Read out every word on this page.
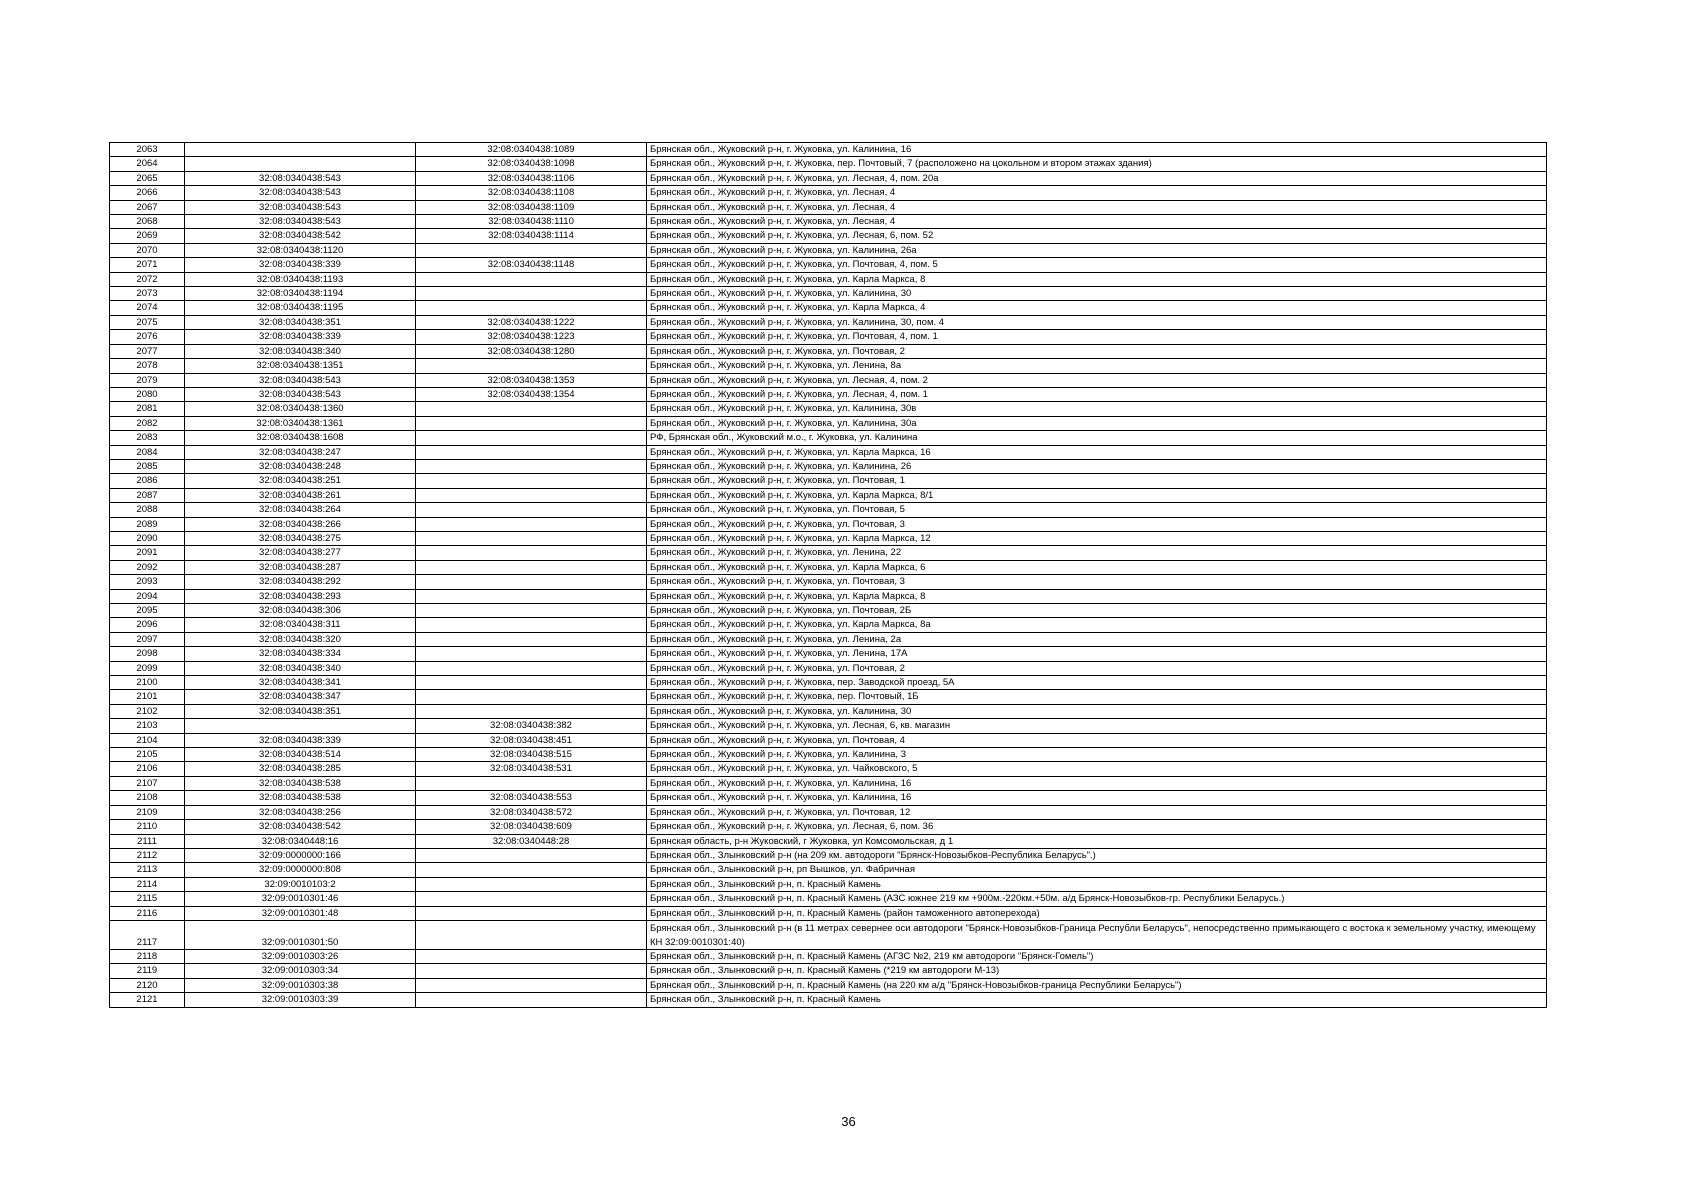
2063		32:08:0340438:1089	Брянская обл., Жуковский р-н, г. Жуковка, ул. Калинина, 16
2064		32:08:0340438:1098	Брянская обл., Жуковский р-н, г. Жуковка, пер. Почтовый, 7 (расположено на цокольном и втором этажах здания)
2065	32:08:0340438:543	32:08:0340438:1106	Брянская обл., Жуковский р-н, г. Жуковка, ул. Лесная, 4, пом. 20а
2066	32:08:0340438:543	32:08:0340438:1108	Брянская обл., Жуковский р-н, г. Жуковка, ул. Лесная, 4
2067	32:08:0340438:543	32:08:0340438:1109	Брянская обл., Жуковский р-н, г. Жуковка, ул. Лесная, 4
2068	32:08:0340438:543	32:08:0340438:1110	Брянская обл., Жуковский р-н, г. Жуковка, ул. Лесная, 4
2069	32:08:0340438:542	32:08:0340438:1114	Брянская обл., Жуковский р-н, г. Жуковка, ул. Лесная, 6, пом. 52
2070	32:08:0340438:1120		Брянская обл., Жуковский р-н, г. Жуковка, ул. Калинина, 26а
2071	32:08:0340438:339	32:08:0340438:1148	Брянская обл., Жуковский р-н, г. Жуковка, ул. Почтовая, 4, пом. 5
2072	32:08:0340438:1193		Брянская обл., Жуковский р-н, г. Жуковка, ул. Карла Маркса, 8
2073	32:08:0340438:1194		Брянская обл., Жуковский р-н, г. Жуковка, ул. Калинина, 30
2074	32:08:0340438:1195		Брянская обл., Жуковский р-н, г. Жуковка, ул. Карла Маркса, 4
2075	32:08:0340438:351	32:08:0340438:1222	Брянская обл., Жуковский р-н, г. Жуковка, ул. Калинина, 30, пом. 4
2076	32:08:0340438:339	32:08:0340438:1223	Брянская обл., Жуковский р-н, г. Жуковка, ул. Почтовая, 4, пом. 1
2077	32:08:0340438:340	32:08:0340438:1280	Брянская обл., Жуковский р-н, г. Жуковка, ул. Почтовая, 2
2078	32:08:0340438:1351		Брянская обл., Жуковский р-н, г. Жуковка, ул. Ленина, 8а
2079	32:08:0340438:543	32:08:0340438:1353	Брянская обл., Жуковский р-н, г. Жуковка, ул. Лесная, 4, пом. 2
2080	32:08:0340438:543	32:08:0340438:1354	Брянская обл., Жуковский р-н, г. Жуковка, ул. Лесная, 4, пом. 1
2081	32:08:0340438:1360		Брянская обл., Жуковский р-н, г. Жуковка, ул. Калинина, 30в
2082	32:08:0340438:1361		Брянская обл., Жуковский р-н, г. Жуковка, ул. Калинина, 30а
2083	32:08:0340438:1608		РФ, Брянская обл., Жуковский м.о., г. Жуковка, ул. Калинина
2084	32:08:0340438:247		Брянская обл., Жуковский р-н, г. Жуковка, ул. Карла Маркса, 16
2085	32:08:0340438:248		Брянская обл., Жуковский р-н, г. Жуковка, ул. Калинина, 26
2086	32:08:0340438:251		Брянская обл., Жуковский р-н, г. Жуковка, ул. Почтовая, 1
2087	32:08:0340438:261		Брянская обл., Жуковский р-н, г. Жуковка, ул. Карла Маркса, 8/1
2088	32:08:0340438:264		Брянская обл., Жуковский р-н, г. Жуковка, ул. Почтовая, 5
2089	32:08:0340438:266		Брянская обл., Жуковский р-н, г. Жуковка, ул. Почтовая, 3
2090	32:08:0340438:275		Брянская обл., Жуковский р-н, г. Жуковка, ул. Карла Маркса, 12
2091	32:08:0340438:277		Брянская обл., Жуковский р-н, г. Жуковка, ул. Ленина, 22
2092	32:08:0340438:287		Брянская обл., Жуковский р-н, г. Жуковка, ул. Карла Маркса, 6
2093	32:08:0340438:292		Брянская обл., Жуковский р-н, г. Жуковка, ул. Почтовая, 3
2094	32:08:0340438:293		Брянская обл., Жуковский р-н, г. Жуковка, ул. Карла Маркса, 8
2095	32:08:0340438:306		Брянская обл., Жуковский р-н, г. Жуковка, ул. Почтовая, 2Б
2096	32:08:0340438:311		Брянская обл., Жуковский р-н, г. Жуковка, ул. Карла Маркса, 8а
2097	32:08:0340438:320		Брянская обл., Жуковский р-н, г. Жуковка, ул. Ленина, 2а
2098	32:08:0340438:334		Брянская обл., Жуковский р-н, г. Жуковка, ул. Ленина, 17А
2099	32:08:0340438:340		Брянская обл., Жуковский р-н, г. Жуковка, ул. Почтовая, 2
2100	32:08:0340438:341		Брянская обл., Жуковский р-н, г. Жуковка, пер. Заводской проезд, 5А
2101	32:08:0340438:347		Брянская обл., Жуковский р-н, г. Жуковка, пер. Почтовый, 1Б
2102	32:08:0340438:351		Брянская обл., Жуковский р-н, г. Жуковка, ул. Калинина, 30
2103		32:08:0340438:382	Брянская обл., Жуковский р-н, г. Жуковка, ул. Лесная, 6, кв. магазин
2104	32:08:0340438:339	32:08:0340438:451	Брянская обл., Жуковский р-н, г. Жуковка, ул. Почтовая, 4
2105	32:08:0340438:514	32:08:0340438:515	Брянская обл., Жуковский р-н, г. Жуковка, ул. Калинина, 3
2106	32:08:0340438:285	32:08:0340438:531	Брянская обл., Жуковский р-н, г. Жуковка, ул. Чайковского, 5
2107	32:08:0340438:538		Брянская обл., Жуковский р-н, г. Жуковка, ул. Калинина, 16
2108	32:08:0340438:538	32:08:0340438:553	Брянская обл., Жуковский р-н, г. Жуковка, ул. Калинина, 16
2109	32:08:0340438:256	32:08:0340438:572	Брянская обл., Жуковский р-н, г. Жуковка, ул. Почтовая, 12
2110	32:08:0340438:542	32:08:0340438:609	Брянская обл., Жуковский р-н, г. Жуковка, ул. Лесная, 6, пом. 36
2111	32:08:0340448:16	32:08:0340448:28	Брянская область, р-н Жуковский, г Жуковка, ул Комсомольская, д 1
2112	32:09:0000000:166		Брянская обл., Злынковский р-н (на 209 км. автодороги "Брянск-Новозыбков-Республика Беларусь".)
2113	32:09:0000000:808		Брянская обл., Злынковский р-н, рп Вышков, ул. Фабричная
2114	32:09:0010103:2		Брянская обл., Злынковский р-н, п. Красный Камень
2115	32:09:0010301:46		Брянская обл., Злынковский р-н, п. Красный Камень (АЗС южнее 219 км +900м.-220км.+50м. а/д Брянск-Новозыбков-гр. Республики Беларусь.)
2116	32:09:0010301:48		Брянская обл., Злынковский р-н, п. Красный Камень (район таможенного автоперехода)
2117	32:09:0010301:50		Брянская обл., Злынковский р-н (в 11 метрах севернее оси автодороги "Брянск-Новозыбков-Граница Республи Беларусь", непосредственно примыкающего с востока к земельному участку, имеющему КН 32:09:0010301:40)
2118	32:09:0010303:26		Брянская обл., Злынковский р-н, п. Красный Камень (АГЗС №2, 219 км автодороги "Брянск-Гомель")
2119	32:09:0010303:34		Брянская обл., Злынковский р-н, п. Красный Камень (*219 км автодороги М-13)
2120	32:09:0010303:38		Брянская обл., Злынковский р-н, п. Красный Камень (на 220 км а/д "Брянск-Новозыбков-граница Республики Беларусь")
2121	32:09:0010303:39		Брянская обл., Злынковский р-н, п. Красный Камень
36
